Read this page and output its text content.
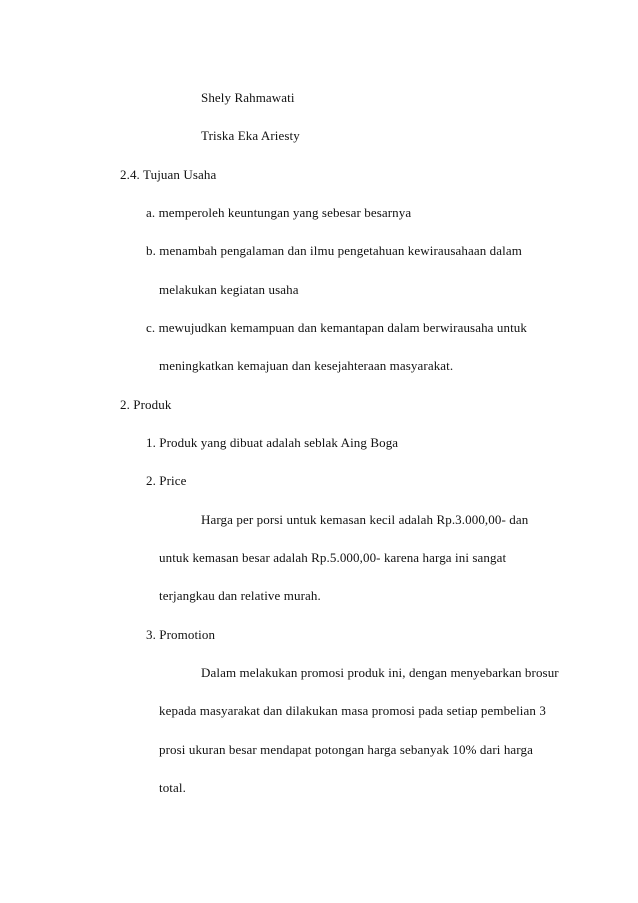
Shely Rahmawati
Triska Eka Ariesty
2.4. Tujuan Usaha
a. memperoleh keuntungan yang sebesar besarnya
b. menambah pengalaman dan ilmu pengetahuan kewirausahaan dalam
melakukan kegiatan usaha
c. mewujudkan kemampuan dan kemantapan dalam berwirausaha untuk
meningkatkan kemajuan dan kesejahteraan masyarakat.
2. Produk
1. Produk yang dibuat adalah seblak Aing Boga
2. Price
Harga per porsi untuk kemasan kecil adalah Rp.3.000,00- dan
untuk kemasan besar adalah Rp.5.000,00- karena harga ini sangat
terjangkau dan relative murah.
3. Promotion
Dalam melakukan promosi produk ini, dengan menyebarkan brosur
kepada masyarakat dan dilakukan masa promosi pada setiap pembelian 3
prosi ukuran besar mendapat potongan harga sebanyak 10% dari harga
total.
